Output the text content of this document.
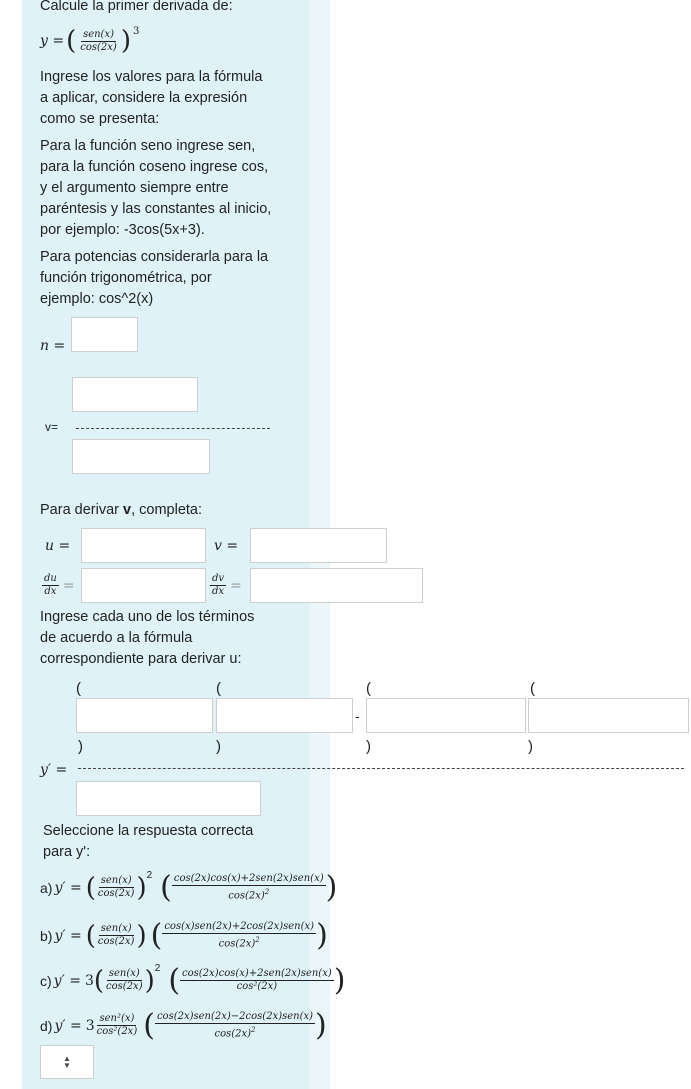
Calcule la primer derivada de:
y = ( $\frac{\text{sen(x)}}{\cos(2x)}$ ) 3
Ingrese los valores para la fórmula
a aplicar, considere la expresión
como se presenta:
Para la función seno ingrese sen,
para la función coseno ingrese cos,
y el argumento siempre entre
paréntesis y las constantes al inicio,
por ejemplo: -3cos(5x+3).
Para potencias considerarla para la
función trigonométrica, por
ejemplo: cos^2(x)
n =
v=
Para derivar v, completa:
u =	v =
$\frac{du}{dx}$ =	$\frac{dv}{dx}$ =
Ingrese cada uno de los términos
de acuerdo a la fórmula
correspondiente para derivar u:
(	(	(	(
-
)	)	)	)
y′ =
Seleccione la respuesta correcta
para y':
a) y′ = ( $\frac{\text{sen(x)}}{\cos(2x)}$ ) 2 ( $\frac{\text{cos(2x)cos(x)+2sen(2x)sen(x)}}{\cos(2x)^2}$ )
b) y′ = ( $\frac{\text{sen(x)}}{\cos(2x)}$ ) ( $\frac{\text{cos(x)sen(2x)+2cos(2x)sen(x)}}{\cos(2x)^2}$ )
c) y′ = 3 ( $\frac{\text{sen(x)}}{\cos(2x)}$ ) 2 ( $\frac{\text{cos(2x)cos(x)+2sen(2x)sen(x)}}{\text{cos²(2x)}}$ )
d) $y' = 3 \frac{\text{sen²(x)}}{\text{cos²(2x)}}$ ( $\frac{\text{cos(2x)sen(2x)−2cos(2x)sen(x)}}{\cos(2x)^2}$ )
▲
▼
